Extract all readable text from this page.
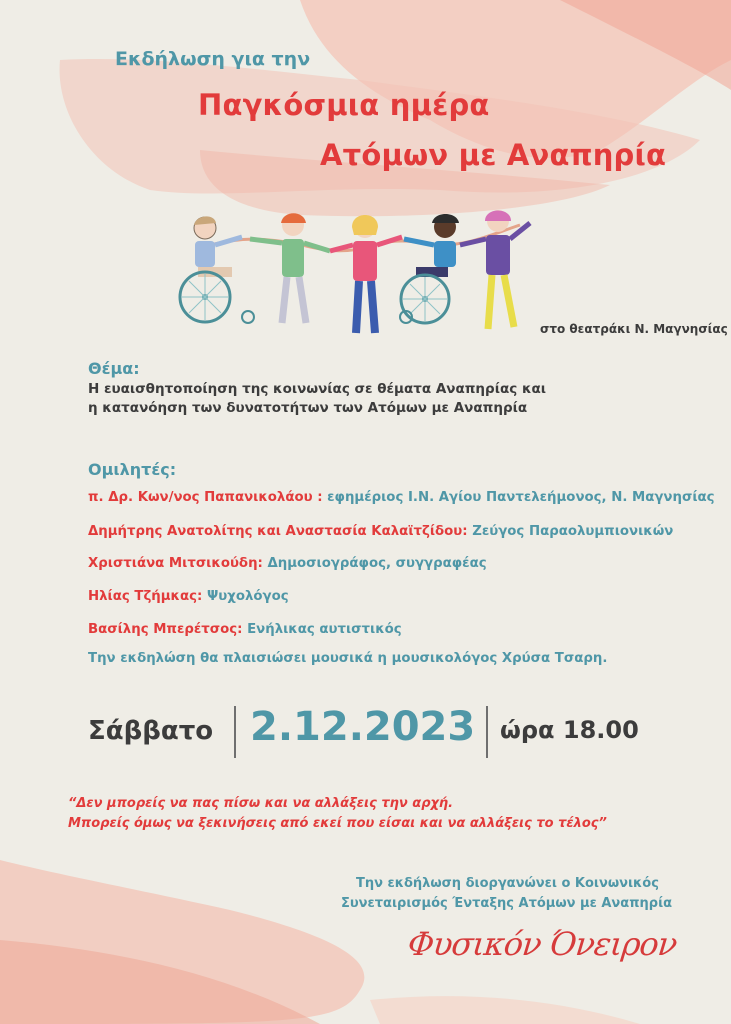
Εκδήλωση για την
Παγκόσμια ημέρα
Ατόμων με Αναπηρία
στο θεατράκι Ν. Μαγνησίας
Θέμα:
Η ευαισθητοποίηση της κοινωνίας σε θέματα Αναπηρίας και
η κατανόηση των δυνατοτήτων των Ατόμων με Αναπηρία
Ομιλητές:
π. Δρ. Κων/νος Παπανικολάου : εφημέριος Ι.Ν. Αγίου Παντελεήμονος, Ν. Μαγνησίας
Δημήτρης Ανατολίτης και Αναστασία Καλαϊτζίδου: Ζεύγος Παραολυμπιονικών
Χριστιάνα Μιτσικούδη: Δημοσιογράφος, συγγραφέας
Ηλίας Τζήμκας: Ψυχολόγος
Βασίλης Μπερέτσος: Ενήλικας αυτιστικός
Την εκδηλώση θα πλαισιώσει μουσικά η μουσικολόγος Χρύσα Τσαρη.
Σάββατο 2.12.2023 ώρα 18.00
“Δεν μπορείς να πας πίσω και να αλλάξεις την αρχή.
Μπορείς όμως να ξεκινήσεις από εκεί που είσαι και να αλλάξεις το τέλος”
Την εκδήλωση διοργανώνει ο Κοινωνικός
Συνεταιρισμός Ένταξης Ατόμων με Αναπηρία
Φυσικόν Όνειρον
